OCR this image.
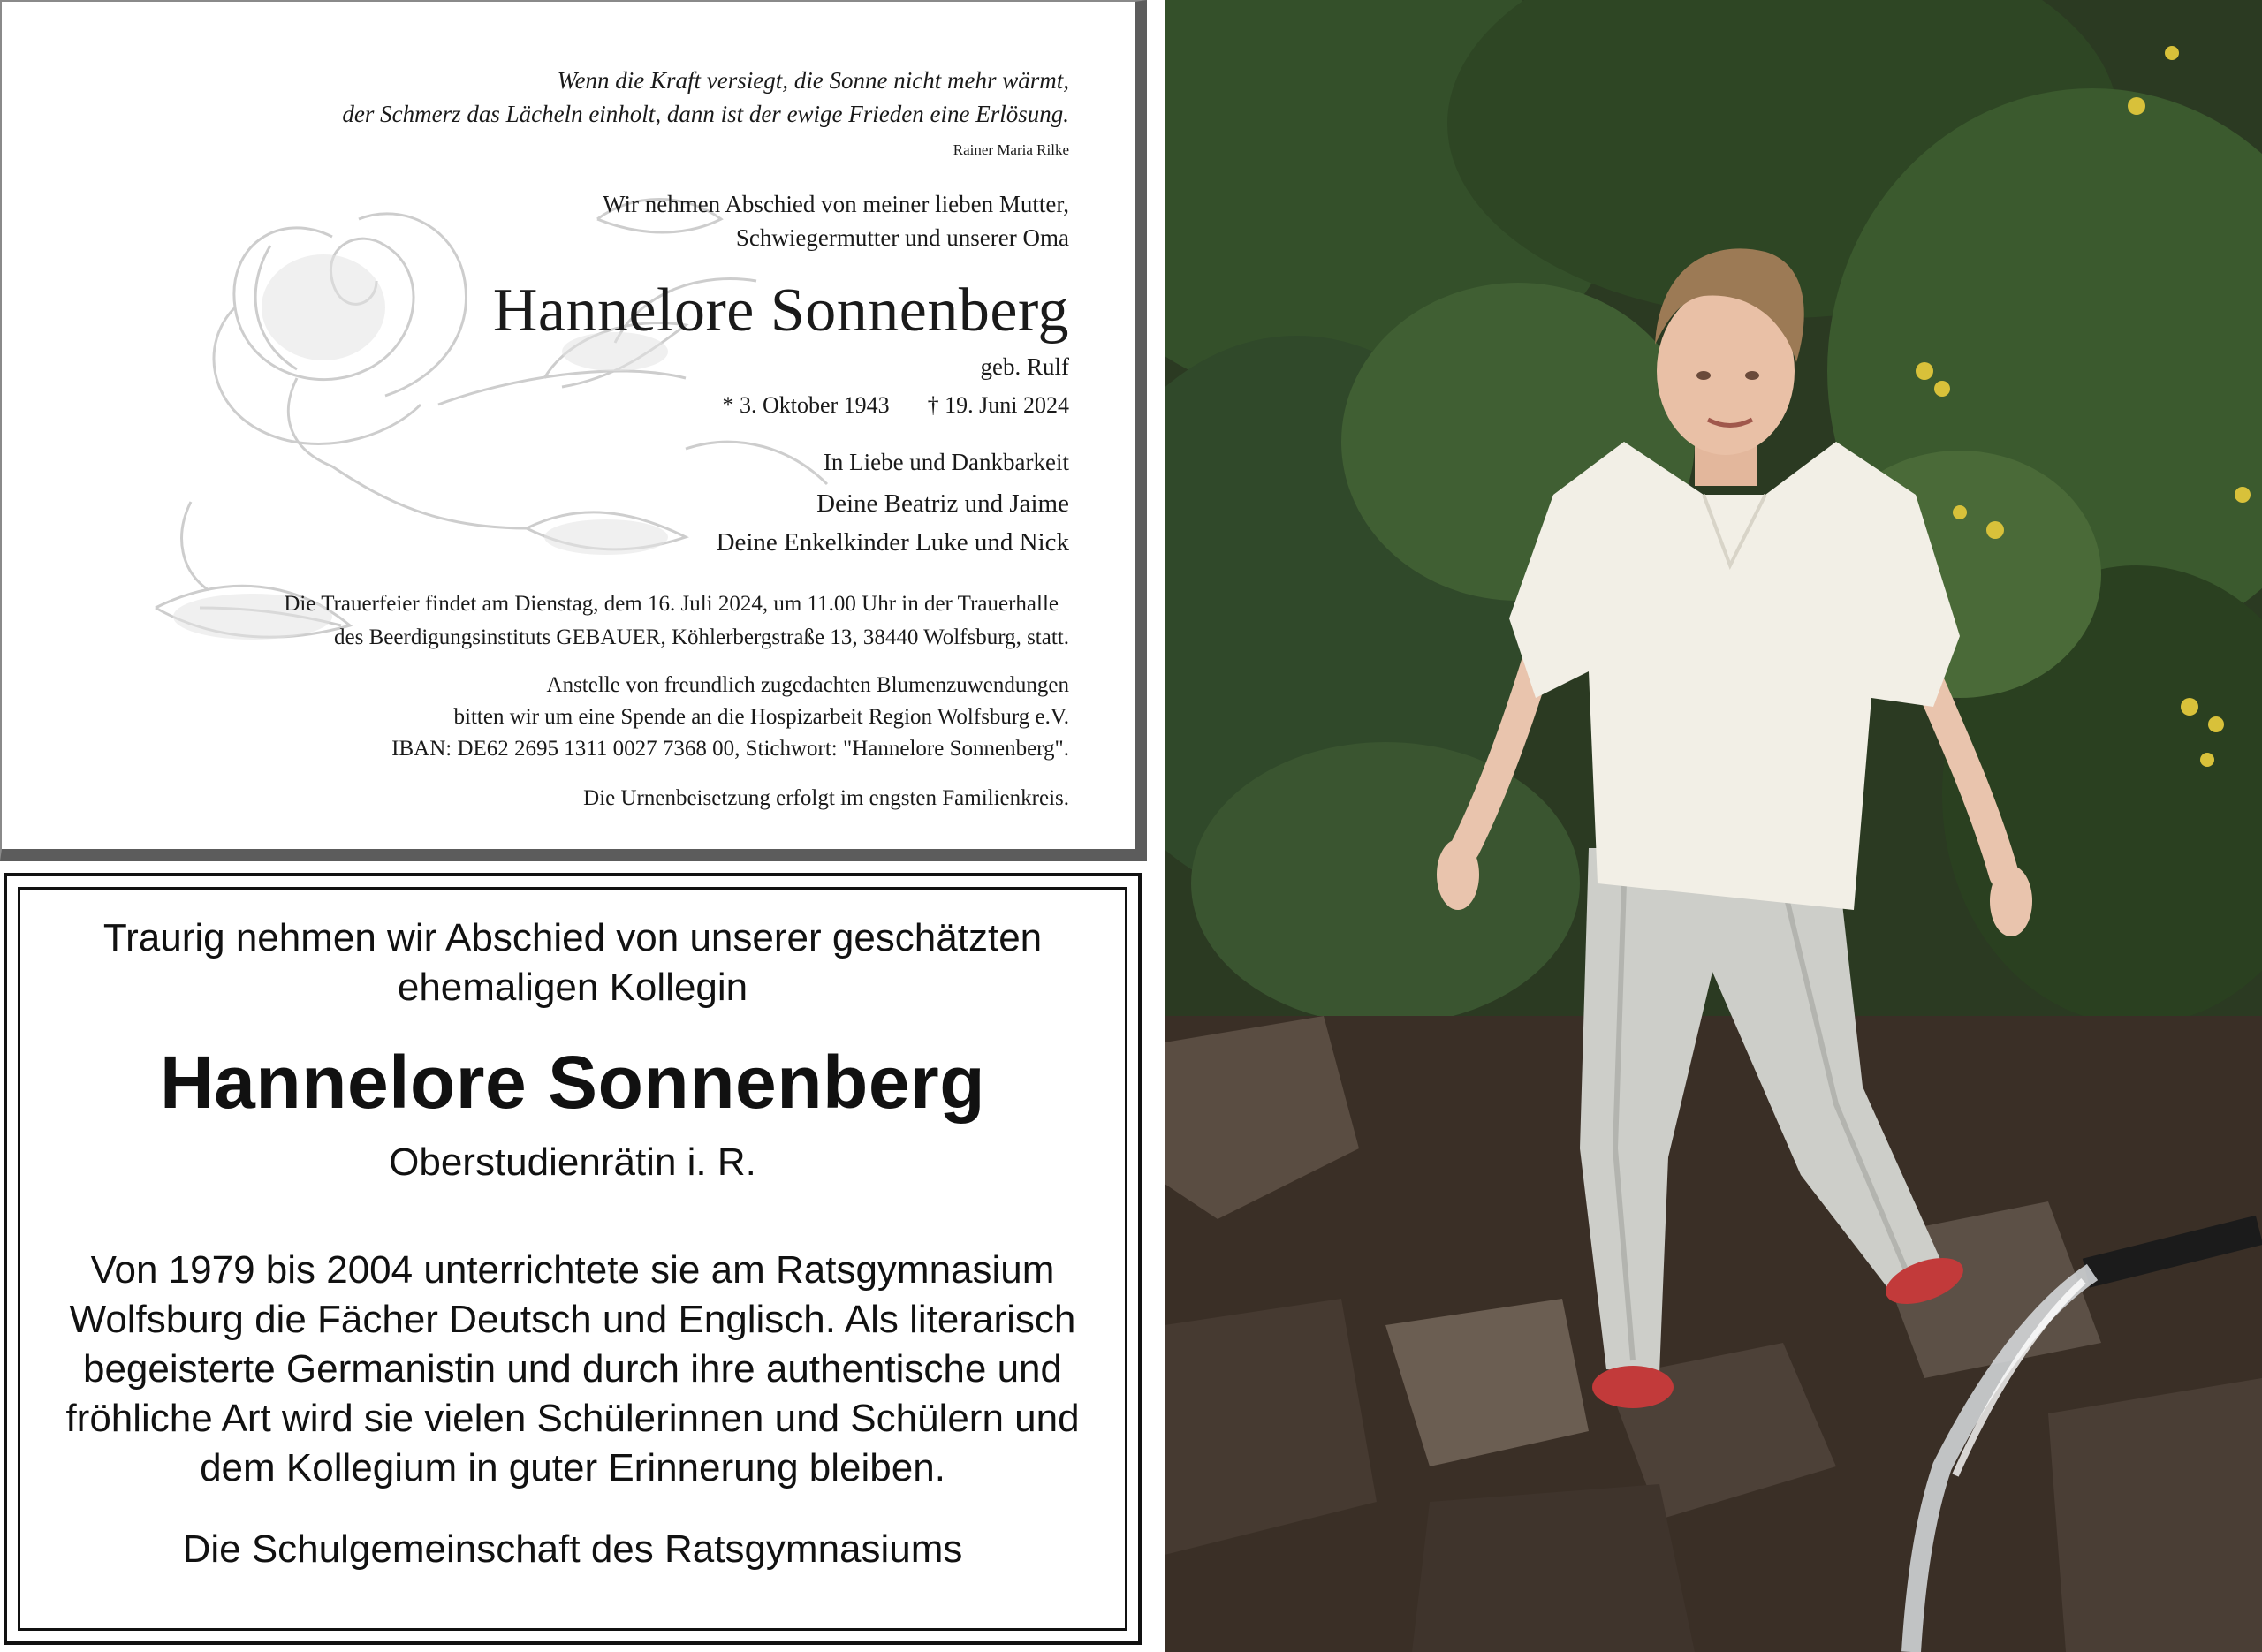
Wenn die Kraft versiegt, die Sonne nicht mehr wärmt,
der Schmerz das Lächeln einholt, dann ist der ewige Frieden eine Erlösung.
Rainer Maria Rilke
Wir nehmen Abschied von meiner lieben Mutter,
Schwiegermutter und unserer Oma
Hannelore Sonnenberg
geb. Rulf
* 3. Oktober 1943 † 19. Juni 2024
In Liebe und Dankbarkeit
Deine Beatriz und Jaime
Deine Enkelkinder Luke und Nick
Die Trauerfeier findet am Dienstag, dem 16. Juli 2024, um 11.00 Uhr in der Trauerhalle
des Beerdigungsinstituts GEBAUER, Köhlerbergstraße 13, 38440 Wolfsburg, statt.
Anstelle von freundlich zugedachten Blumenzuwendungen
bitten wir um eine Spende an die Hospizarbeit Region Wolfsburg e.V.
IBAN: DE62 2695 1311 0027 7368 00, Stichwort: "Hannelore Sonnenberg".
Die Urnenbeisetzung erfolgt im engsten Familienkreis.
Traurig nehmen wir Abschied von unserer geschätzten
ehemaligen Kollegin
Hannelore Sonnenberg
Oberstudienrätin i. R.
Von 1979 bis 2004 unterrichtete sie am Ratsgymnasium
Wolfsburg die Fächer Deutsch und Englisch. Als literarisch
begeisterte Germanistin und durch ihre authentische und
fröhliche Art wird sie vielen Schülerinnen und Schülern und
dem Kollegium in guter Erinnerung bleiben.
Die Schulgemeinschaft des Ratsgymnasiums
